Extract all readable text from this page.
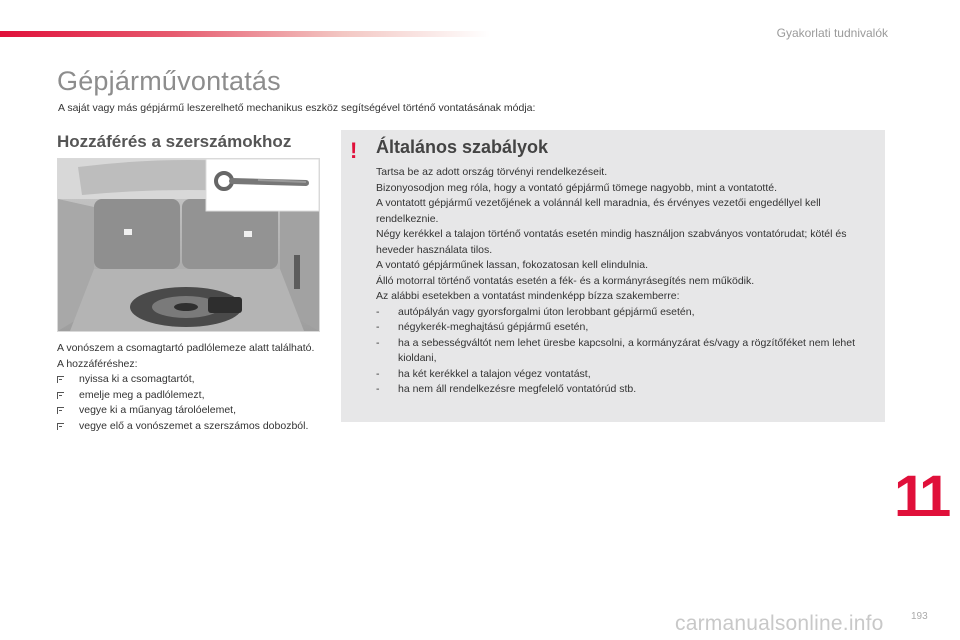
Gyakorlati tudnivalók
Gépjárművontatás
A saját vagy más gépjármű leszerelhető mechanikus eszköz segítségével történő vontatásának módja:
Hozzáférés a szerszámokhoz

A vonószem a csomagtartó padlólemeze alatt található.

A hozzáféréshez:

nyissa ki a csomagtartót,
emelje meg a padlólemezt,
vegye ki a műanyag tárolóelemet,
vegye elő a vonószemet a szerszámos dobozból.
! Általános szabályok

Tartsa be az adott ország törvényi rendelkezéseit.

Bizonyosodjon meg róla, hogy a vontató gépjármű tömege nagyobb, mint a vontatotté.

A vontatott gépjármű vezetőjének a volánnál kell maradnia, és érvényes vezetői engedéllyel kell rendelkeznie.

Négy kerékkel a talajon történő vontatás esetén mindig használjon szabványos vontatórudat; kötél és heveder használata tilos.

A vontató gépjárműnek lassan, fokozatosan kell elindulnia.

Álló motorral történő vontatás esetén a fék- és a kormányrásegítés nem működik.

Az alábbi esetekben a vontatást mindenképp bízza szakemberre:

- autópályán vagy gyorsforgalmi úton lerobbant gépjármű esetén,
- négykerék-meghajtású gépjármű esetén,
- ha a sebességváltót nem lehet üresbe kapcsolni, a kormányzárat és/vagy a rögzítőféket nem lehet kioldani,
- ha két kerékkel a talajon végez vontatást,
- ha nem áll rendelkezésre megfelelő vontatórúd stb.
11
carmanualsonline.info	193
